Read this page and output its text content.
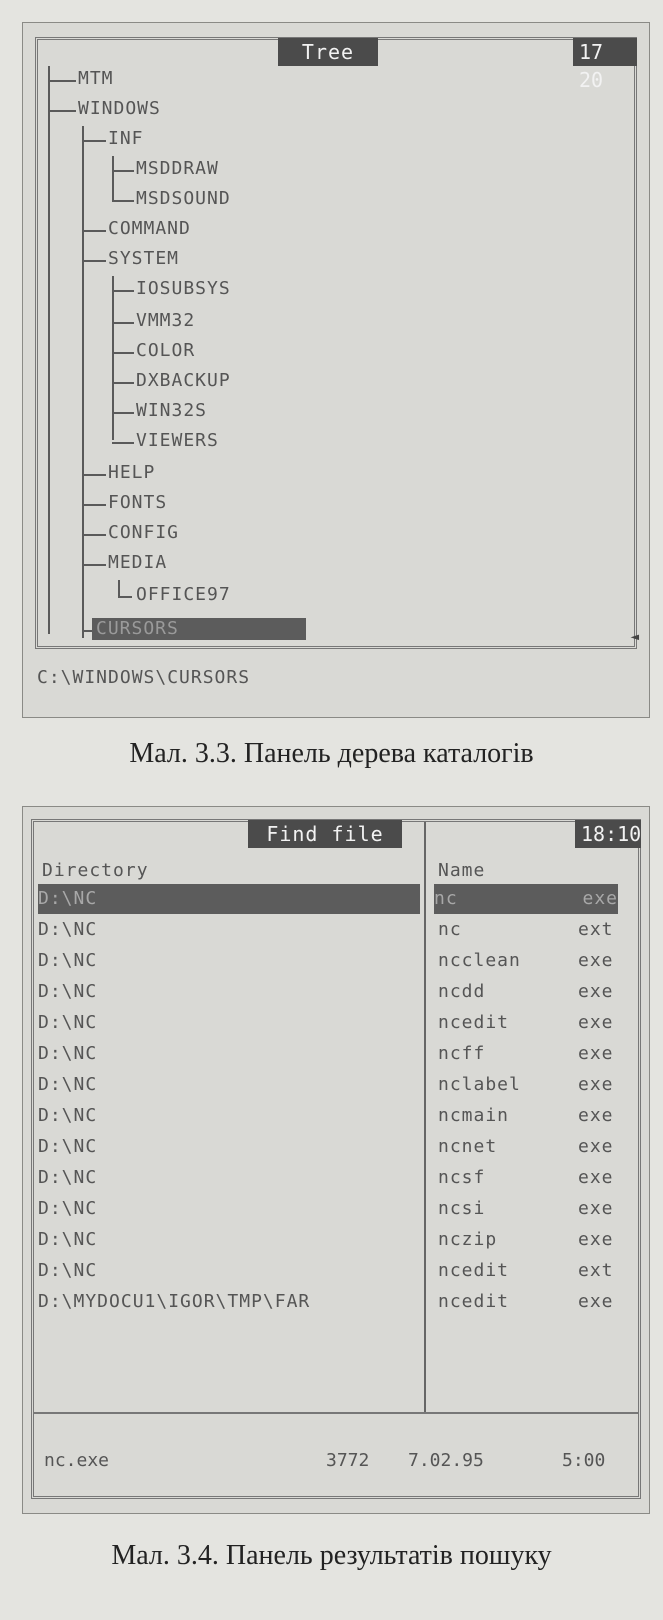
Tree	17 20
MTM
WINDOWS
INF
MSDDRAW
MSDSOUND
COMMAND
SYSTEM
IOSUBSYS
VMM32
COLOR
DXBACKUP
WIN32S
VIEWERS
HELP
FONTS
CONFIG
MEDIA
OFFICE97
CURSORS	◄
C:\WINDOWS\CURSORS
Мал. 3.3. Панель дерева каталогів
Find file	18:10
Directory	Name
D:\NC	nc	exe
D:\NC	nc	ext
D:\NC	ncclean	exe
D:\NC	ncdd	exe
D:\NC	ncedit	exe
D:\NC	ncff	exe
D:\NC	nclabel	exe
D:\NC	ncmain	exe
D:\NC	ncnet	exe
D:\NC	ncsf	exe
D:\NC	ncsi	exe
D:\NC	nczip	exe
D:\NC	ncedit	ext
D:\MYDOCU1\IGOR\TMP\FAR	ncedit	exe
nc.exe	3772 7.02.95	5:00
Мал. 3.4. Панель результатів пошуку
